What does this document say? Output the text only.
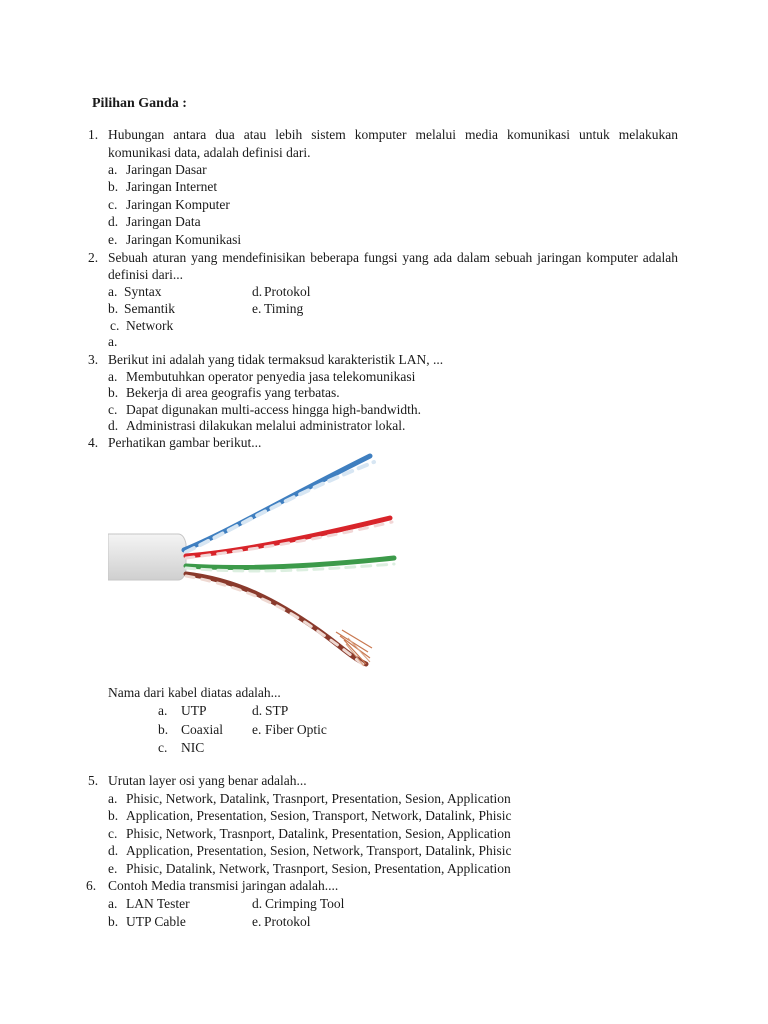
Pilihan Ganda :
1. Hubungan antara dua atau lebih sistem komputer melalui media komunikasi untuk melakukan
komunikasi data, adalah definisi dari.
a. Jaringan Dasar
b. Jaringan Internet
c. Jaringan Komputer
d. Jaringan Data
e. Jaringan Komunikasi
2. Sebuah aturan yang mendefinisikan beberapa fungsi yang ada dalam sebuah jaringan komputer adalah
definisi dari...
a. Syntax	d. Protokol
b. Semantik	e. Timing
c. Network
a.
3. Berikut ini adalah yang tidak termaksud karakteristik LAN, ...
a. Membutuhkan operator penyedia jasa telekomunikasi
b. Bekerja di area geografis yang terbatas.
c. Dapat digunakan multi-access hingga high-bandwidth.
d. Administrasi dilakukan melalui administrator lokal.
4. Perhatikan gambar berikut...
Nama dari kabel diatas adalah...
a. UTP	d. STP
b. Coaxial e. Fiber Optic
c. NIC
5. Urutan layer osi yang benar adalah...
a. Phisic, Network, Datalink, Trasnport, Presentation, Sesion, Application
b. Application, Presentation, Sesion, Transport, Network, Datalink, Phisic
c. Phisic, Network, Trasnport, Datalink, Presentation, Sesion, Application
d. Application, Presentation, Sesion, Network, Transport, Datalink, Phisic
e. Phisic, Datalink, Network, Trasnport, Sesion, Presentation, Application
6. Contoh Media transmisi jaringan adalah....
a. LAN Tester	d. Crimping Tool
b. UTP Cable	e. Protokol
